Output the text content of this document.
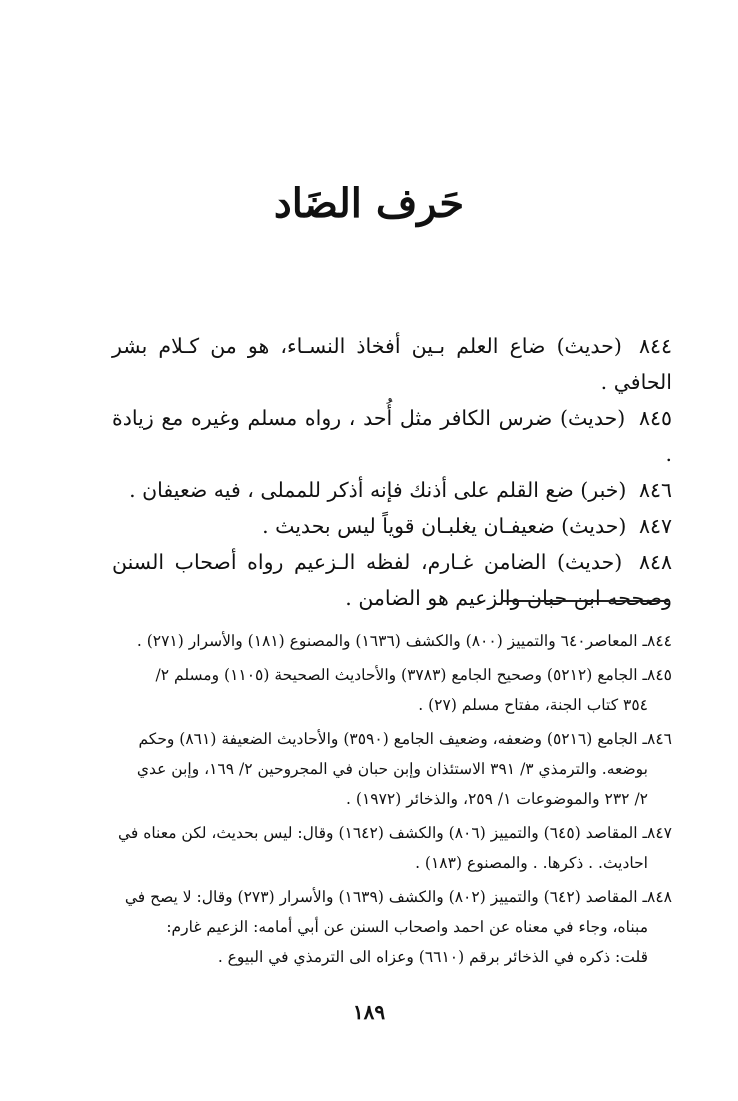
حَرف الضَاد
٨٤٤ (حديث) ضاع العلم بـين أفخاذ النسـاء، هو من كـلام بشر الحافي .
٨٤٥ (حديث) ضرس الكافر مثل أُحد ، رواه مسلم وغيره مع زيادة .
٨٤٦ (خبر) ضع القلم على أذنك فإنه أذكر للمملى ، فيه ضعيفان .
٨٤٧ (حديث) ضعيفـان يغلبـان قوياً ليس بحديث .
٨٤٨ (حديث) الضامن غـارم، لفظه الـزعيم رواه أصحاب السنن وصححه ابن حبان والزعيم هو الضامن .
٨٤٤ـ المعاصر٦٤٠ والتمييز (٨٠٠) والكشف (١٦٣٦) والمصنوع (١٨١) والأسرار (٢٧١) .
٨٤٥ـ الجامع (٥٢١٢) وصحيح الجامع (٣٧٨٣) والأحاديث الصحيحة (١١٠٥) ومسلم ٢/
٣٥٤ كتاب الجنة، مفتاح مسلم (٢٧) .
٨٤٦ـ الجامع (٥٢١٦) وضعفه، وضعيف الجامع (٣٥٩٠) والأحاديث الضعيفة (٨٦١) وحكم
بوضعه. والترمذي ٣/ ٣٩١ الاستئذان وإبن حبان في المجروحين ٢/ ١٦٩، وإبن عدي
٢/ ٢٣٢ والموضوعات ١/ ٢٥٩، والذخائر (١٩٧٢) .
٨٤٧ـ المقاصد (٦٤٥) والتمييز (٨٠٦) والكشف (١٦٤٢) وقال: ليس بحديث، لكن معناه في
احاديث. . ذكرها. . والمصنوع (١٨٣) .
٨٤٨ـ المقاصد (٦٤٢) والتمييز (٨٠٢) والكشف (١٦٣٩) والأسرار (٢٧٣) وقال: لا يصح في
مبناه، وجاء في معناه عن احمد واصحاب السنن عن أبي أمامه: الزعيم غارم:
قلت: ذكره في الذخائر برقم (٦٦١٠) وعزاه الى الترمذي في البيوع .
١٨٩
